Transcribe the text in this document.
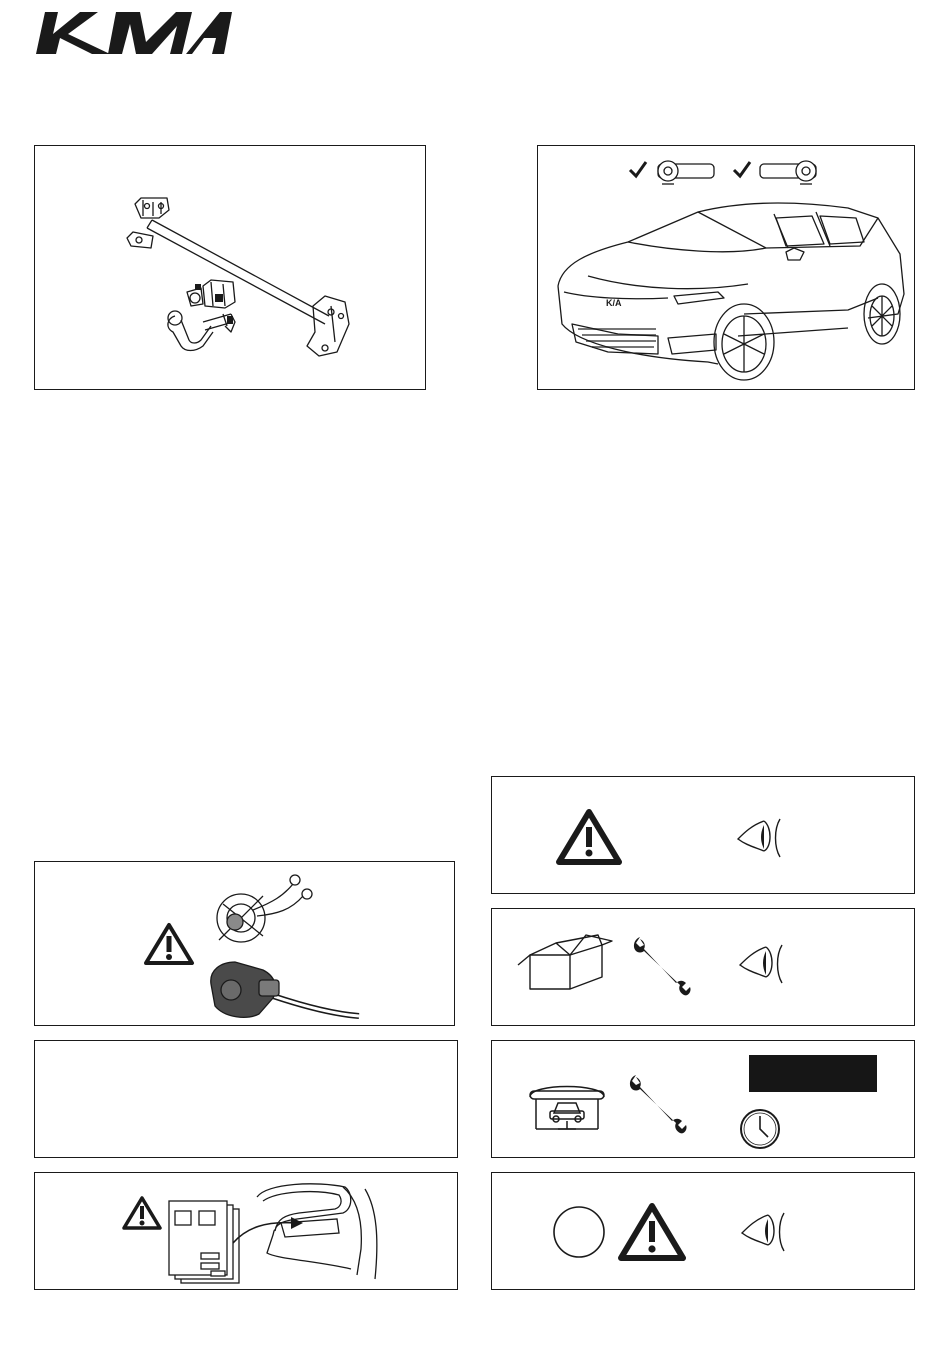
K/A
